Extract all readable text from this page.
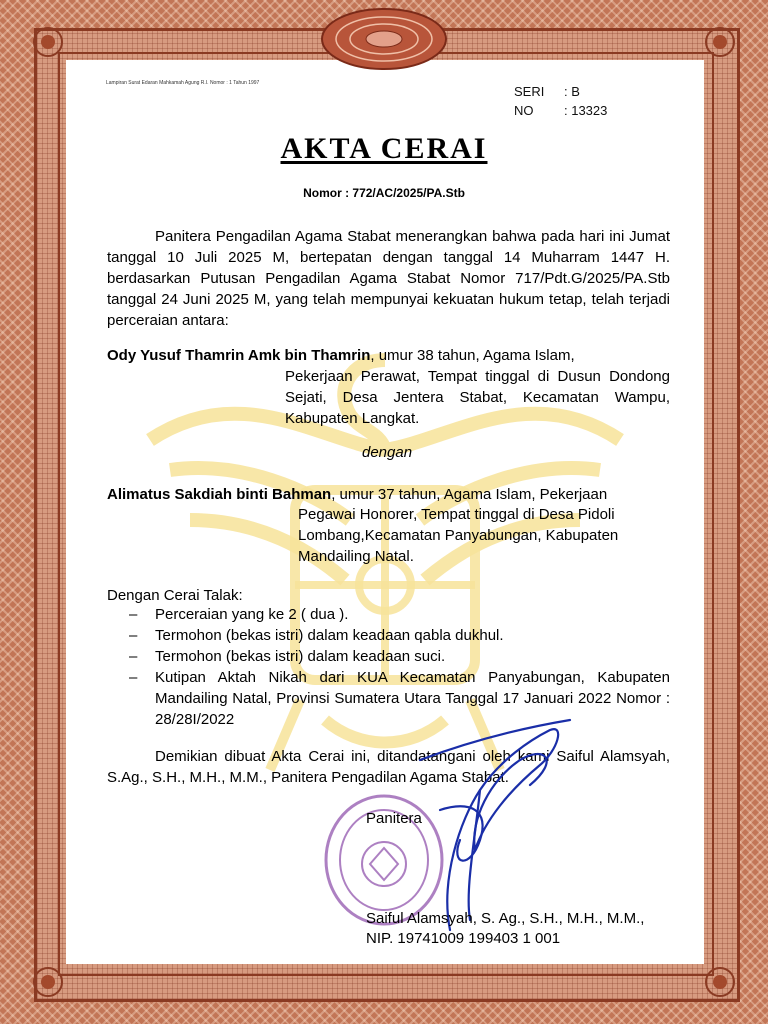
Lampiran Surat Edaran Mahkamah Agung R.I. Nomor : 1 Tahun 1997
SERI : B
NO : 13323
AKTA CERAI
Nomor : 772/AC/2025/PA.Stb
Panitera Pengadilan Agama Stabat menerangkan bahwa pada hari ini Jumat tanggal 10 Juli 2025 M, bertepatan dengan tanggal 14 Muharram 1447 H. berdasarkan Putusan Pengadilan Agama Stabat Nomor 717/Pdt.G/2025/PA.Stb tanggal 24 Juni 2025 M, yang telah mempunyai kekuatan hukum tetap, telah terjadi perceraian antara:
Ody Yusuf Thamrin Amk bin Thamrin, umur 38 tahun, Agama Islam,
Pekerjaan Perawat, Tempat tinggal di Dusun Dondong Sejati, Desa Jentera Stabat, Kecamatan Wampu, Kabupaten Langkat.
dengan
Alimatus Sakdiah binti Bahman, umur 37 tahun, Agama Islam, Pekerjaan
Pegawai Honorer, Tempat tinggal di Desa Pidoli Lombang,Kecamatan Panyabungan, Kabupaten Mandailing Natal.
Dengan Cerai Talak:
– Perceraian yang ke 2 ( dua ).
– Termohon (bekas istri) dalam keadaan qabla dukhul.
– Termohon (bekas istri) dalam keadaan suci.
– Kutipan Aktah Nikah dari KUA Kecamatan Panyabungan, Kabupaten Mandailing Natal, Provinsi Sumatera Utara Tanggal 17 Januari 2022 Nomor : 28/28I/2022
Demikian dibuat Akta Cerai ini, ditandatangani oleh kami Saiful Alamsyah, S.Ag., S.H., M.H., M.M., Panitera Pengadilan Agama Stabat.
Panitera
Saiful Alamsyah, S. Ag., S.H., M.H., M.M.,
NIP. 19741009 199403 1 001
